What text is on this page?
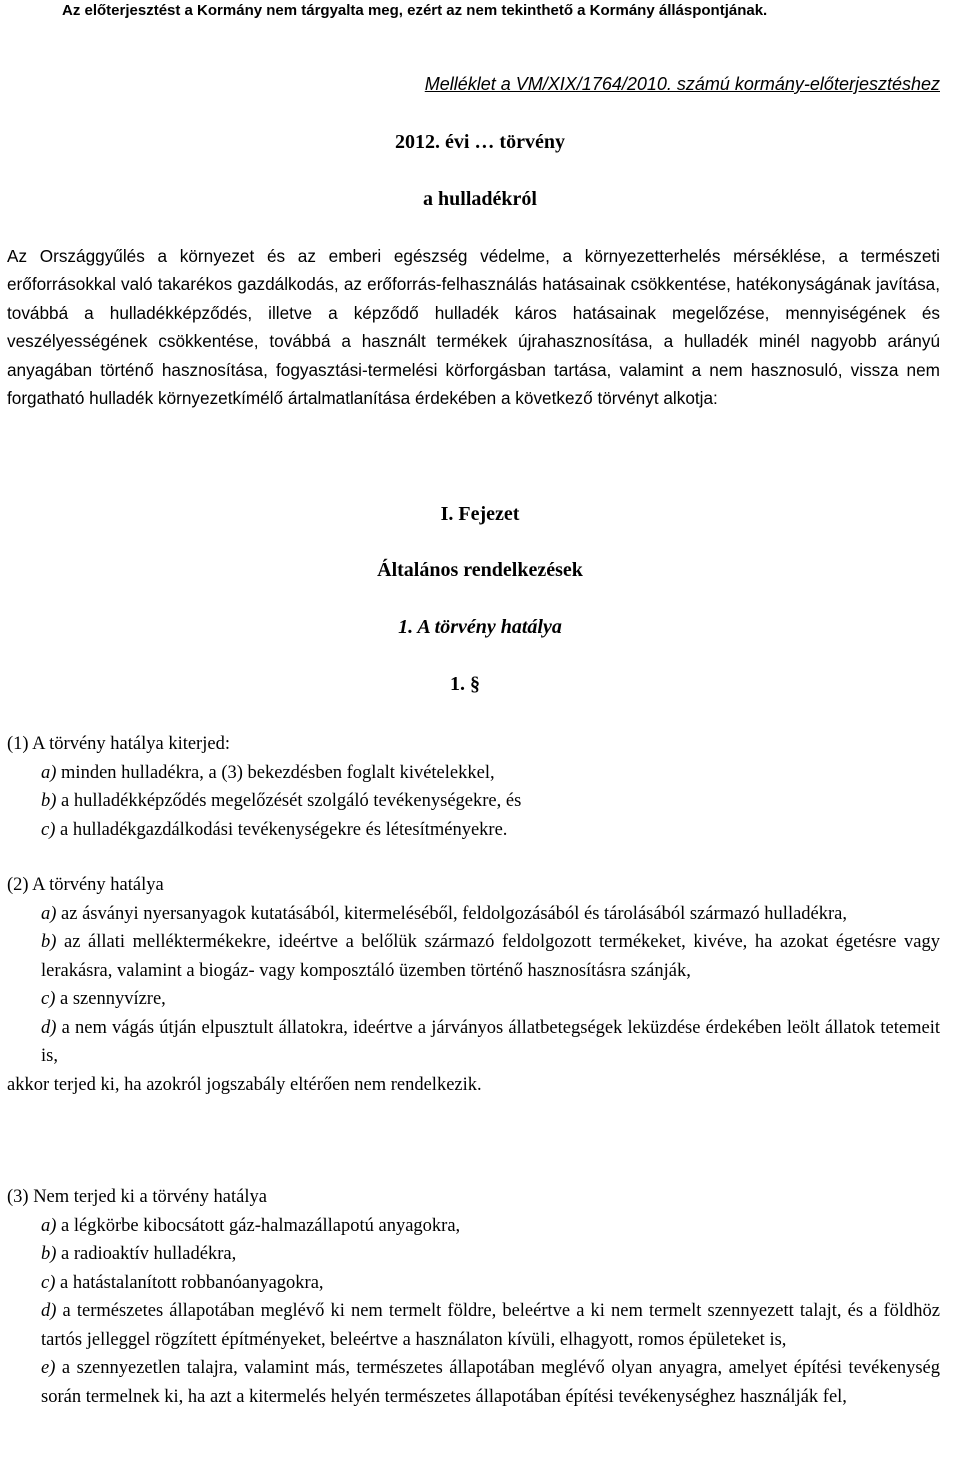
Az előterjesztést a Kormány nem tárgyalta meg, ezért az nem tekinthető a Kormány álláspontjának.
Melléklet a VM/XIX/1764/2010. számú kormány-előterjesztéshez
2012. évi … törvény
a hulladékról

Az Országgyűlés a környezet és az emberi egészség védelme, a környezetterhelés mérséklése, a természeti erőforrásokkal való takarékos gazdálkodás, az erőforrás-felhasználás hatásainak csökkentése, hatékonyságának javítása, továbbá a hulladékképződés, illetve a képződő hulladék káros hatásainak megelőzése, mennyiségének és veszélyességének csökkentése, továbbá a használt termékek újrahasznosítása, a hulladék minél nagyobb arányú anyagában történő hasznosítása, fogyasztási-termelési körforgásban tartása, valamint a nem hasznosuló, vissza nem forgatható hulladék környezetkímélő ártalmatlanítása érdekében a következő törvényt alkotja:

I. Fejezet
Általános rendelkezések
1. A törvény hatálya
1. §

(1) A törvény hatálya kiterjed:

a) minden hulladékra, a (3) bekezdésben foglalt kivételekkel,

b) a hulladékképződés megelőzését szolgáló tevékenységekre, és

c) a hulladékgazdálkodási tevékenységekre és létesítményekre.

(2) A törvény hatálya

a) az ásványi nyersanyagok kutatásából, kitermeléséből, feldolgozásából és tárolásából származó hulladékra,

b) az állati melléktermékekre, ideértve a belőlük származó feldolgozott termékeket, kivéve, ha azokat égetésre vagy lerakásra, valamint a biogáz- vagy komposztáló üzemben történő hasznosításra szánják,

c) a szennyvízre,

d) a nem vágás útján elpusztult állatokra, ideértve a járványos állatbetegségek leküzdése érdekében leölt állatok tetemeit is,

akkor terjed ki, ha azokról jogszabály eltérően nem rendelkezik.

(3) Nem terjed ki a törvény hatálya

a) a légkörbe kibocsátott gáz-halmazállapotú anyagokra,

b) a radioaktív hulladékra,

c) a hatástalanított robbanóanyagokra,

d) a természetes állapotában meglévő ki nem termelt földre, beleértve a ki nem termelt szennyezett talajt, és a földhöz tartós jelleggel rögzített építményeket, beleértve a használaton kívüli, elhagyott, romos épületeket is,

e) a szennyezetlen talajra, valamint más, természetes állapotában meglévő olyan anyagra, amelyet építési tevékenység során termelnek ki, ha azt a kitermelés helyén természetes állapotában építési tevékenységhez használják fel,
